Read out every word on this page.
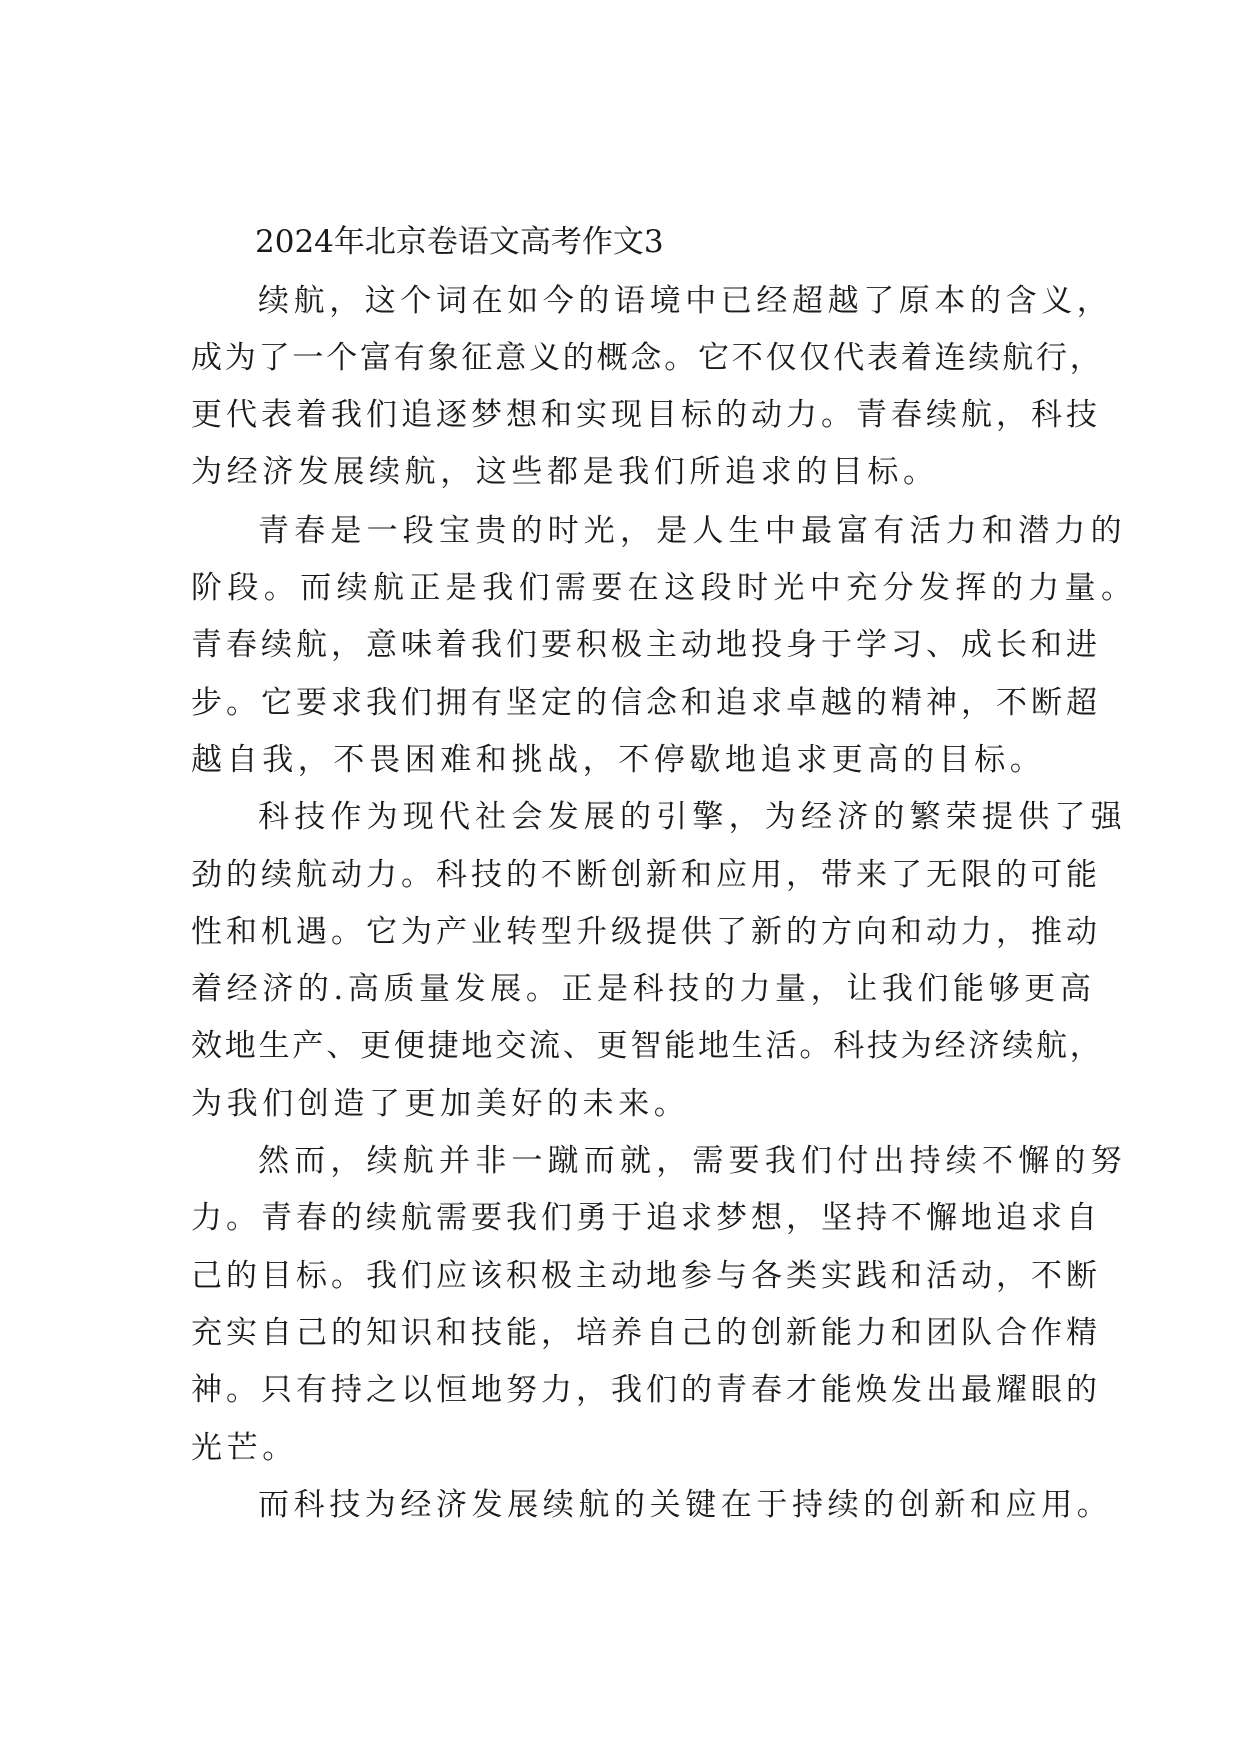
2024年北京卷语文高考作文3
续航，这个词在如今的语境中已经超越了原本的含义，
成为了一个富有象征意义的概念。它不仅仅代表着连续航行，
更代表着我们追逐梦想和实现目标的动力。青春续航，科技
为经济发展续航，这些都是我们所追求的目标。
青春是一段宝贵的时光，是人生中最富有活力和潜力的
阶段。而续航正是我们需要在这段时光中充分发挥的力量。
青春续航，意味着我们要积极主动地投身于学习、成长和进
步。它要求我们拥有坚定的信念和追求卓越的精神，不断超
越自我，不畏困难和挑战，不停歇地追求更高的目标。
科技作为现代社会发展的引擎，为经济的繁荣提供了强
劲的续航动力。科技的不断创新和应用，带来了无限的可能
性和机遇。它为产业转型升级提供了新的方向和动力，推动
着经济的.高质量发展。正是科技的力量，让我们能够更高
效地生产、更便捷地交流、更智能地生活。科技为经济续航，
为我们创造了更加美好的未来。
然而，续航并非一蹴而就，需要我们付出持续不懈的努
力。青春的续航需要我们勇于追求梦想，坚持不懈地追求自
己的目标。我们应该积极主动地参与各类实践和活动，不断
充实自己的知识和技能，培养自己的创新能力和团队合作精
神。只有持之以恒地努力，我们的青春才能焕发出最耀眼的
光芒。
而科技为经济发展续航的关键在于持续的创新和应用。
